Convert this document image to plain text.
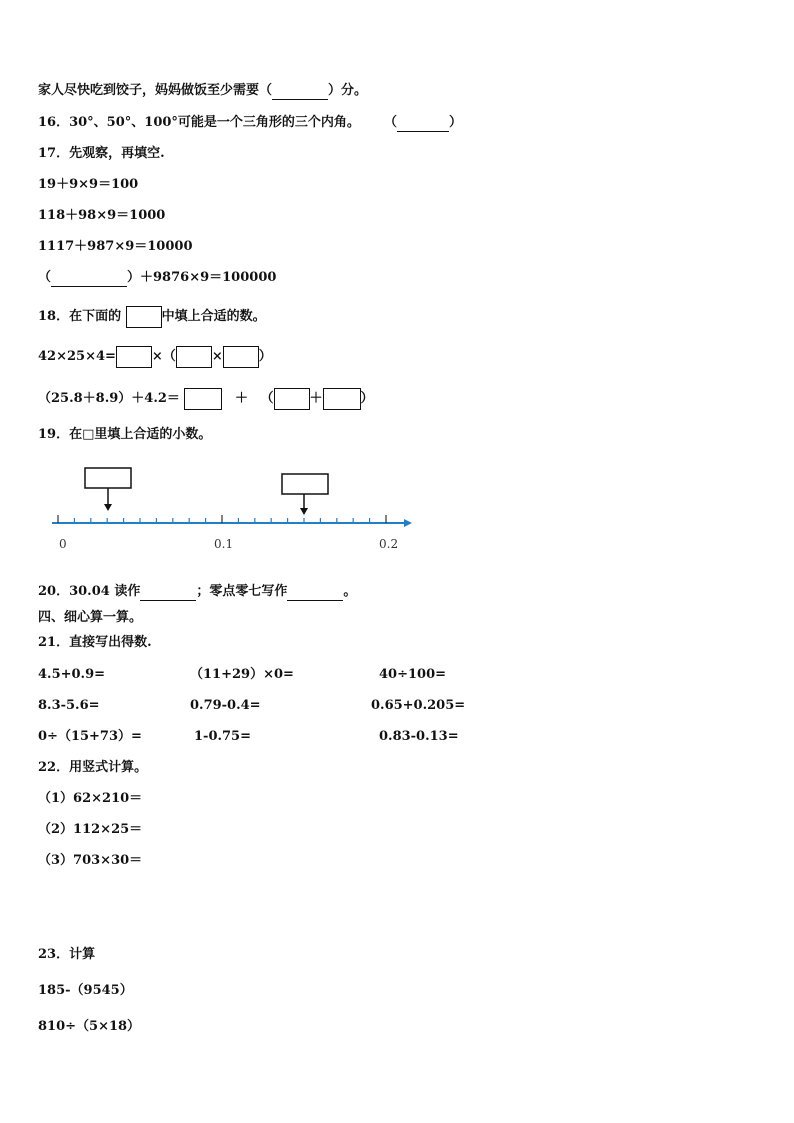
家人尽快吃到饺子，妈妈做饭至少需要（	）分。
16．30°、50°、100°可能是一个三角形的三个内角。 （	）
17．先观察，再填空.
19＋9×9＝100
118＋98×9＝1000
1117＋987×9＝10000
（	）＋9876×9＝100000
18．在下面的	中填上合适的数。
42×25×4=	×（	×	）
（25.8＋8.9）＋4.2＝	＋ （	＋	）
19．在□里填上合适的小数。
0	0.1	0.2
20．30.04 读作	；零点零七写作	。
四、细心算一算。
21．直接写出得数.
4.5+0.9=	（11+29）×0=	40÷100=
8.3-5.6=	0.79-0.4=	0.65+0.205=
0÷（15+73）=	1-0.75=	0.83-0.13=
22．用竖式计算。
（1）62×210＝
（2）112×25＝
（3）703×30＝
23．计算
185-（9545）
810÷（5×18）
